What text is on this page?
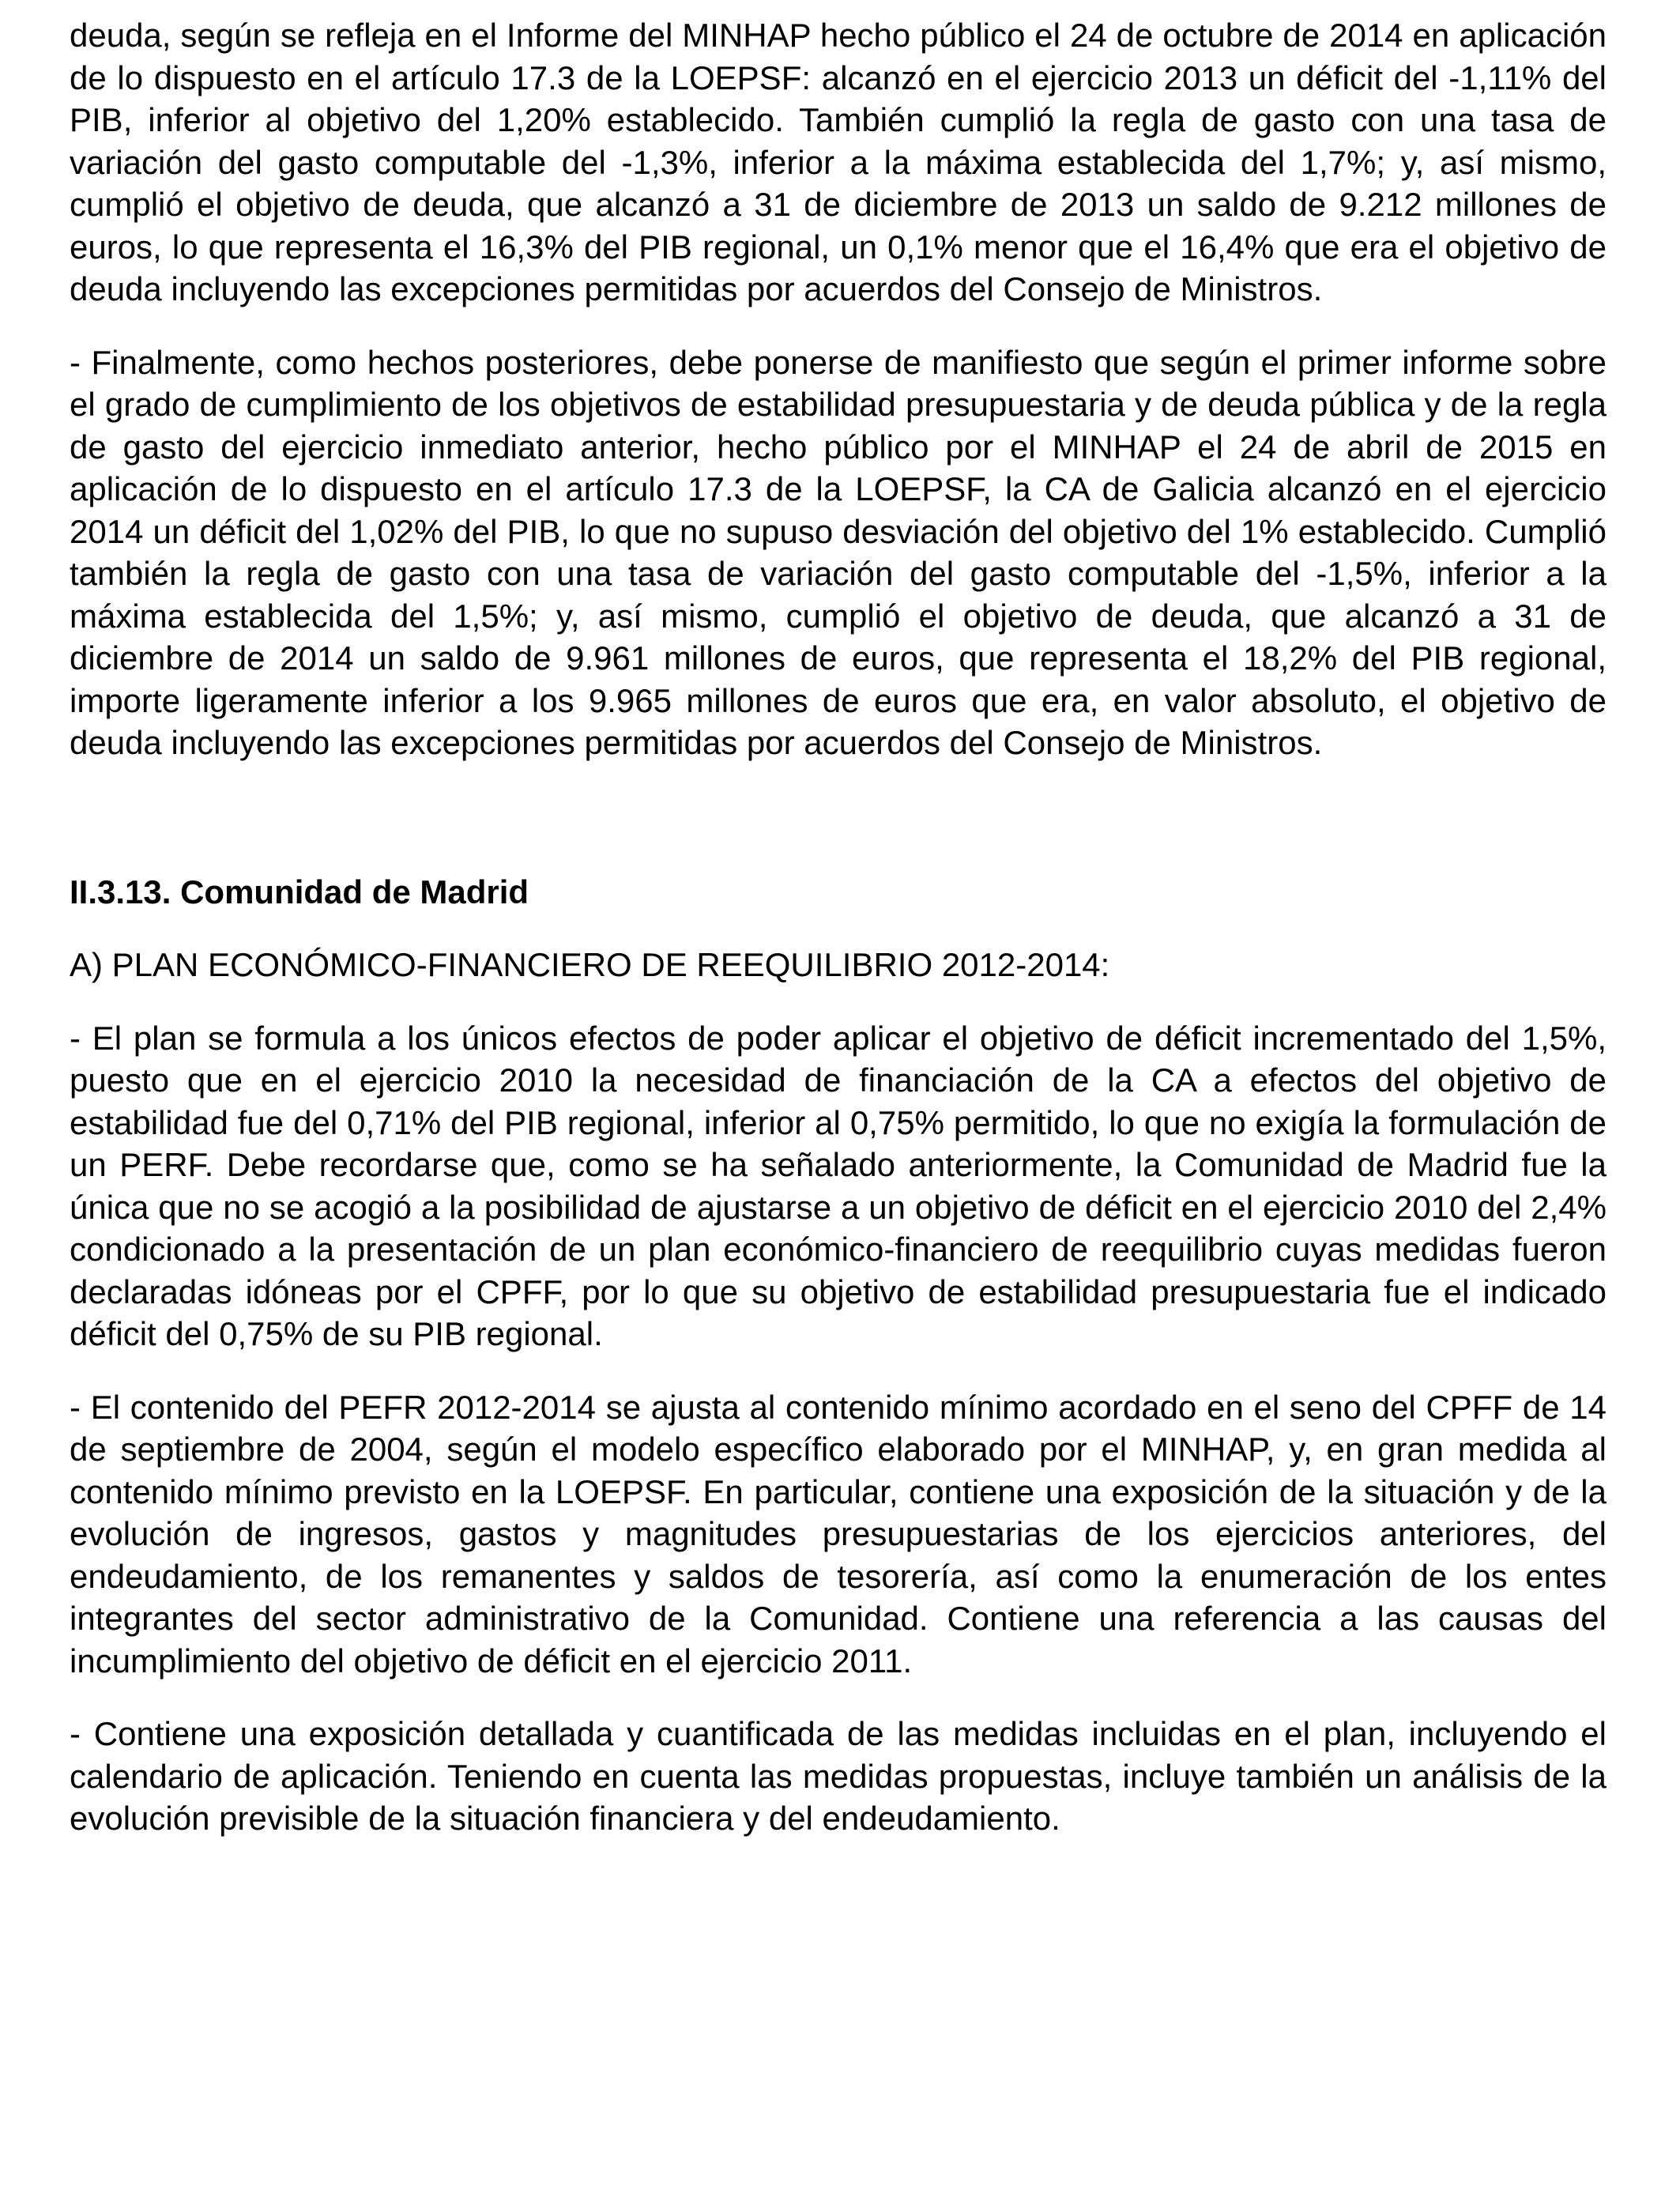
deuda, según se refleja en el Informe del MINHAP hecho público el 24 de octubre de 2014 en aplicación de lo dispuesto en el artículo 17.3 de la LOEPSF: alcanzó en el ejercicio 2013 un déficit del -1,11% del PIB, inferior al objetivo del 1,20% establecido. También cumplió la regla de gasto con una tasa de variación del gasto computable del -1,3%, inferior a la máxima establecida del 1,7%; y, así mismo, cumplió el objetivo de deuda, que alcanzó a 31 de diciembre de 2013 un saldo de 9.212 millones de euros, lo que representa el 16,3% del PIB regional, un 0,1% menor que el 16,4% que era el objetivo de deuda incluyendo las excepciones permitidas por acuerdos del Consejo de Ministros.

- Finalmente, como hechos posteriores, debe ponerse de manifiesto que según el primer informe sobre el grado de cumplimiento de los objetivos de estabilidad presupuestaria y de deuda pública y de la regla de gasto del ejercicio inmediato anterior, hecho público por el MINHAP el 24 de abril de 2015 en aplicación de lo dispuesto en el artículo 17.3 de la LOEPSF, la CA de Galicia alcanzó en el ejercicio 2014 un déficit del 1,02% del PIB, lo que no supuso desviación del objetivo del 1% establecido. Cumplió también la regla de gasto con una tasa de variación del gasto computable del -1,5%, inferior a la máxima establecida del 1,5%; y, así mismo, cumplió el objetivo de deuda, que alcanzó a 31 de diciembre de 2014 un saldo de 9.961 millones de euros, que representa el 18,2% del PIB regional, importe ligeramente inferior a los 9.965 millones de euros que era, en valor absoluto, el objetivo de deuda incluyendo las excepciones permitidas por acuerdos del Consejo de Ministros.

II.3.13. Comunidad de Madrid

A) PLAN ECONÓMICO-FINANCIERO DE REEQUILIBRIO 2012-2014:

- El plan se formula a los únicos efectos de poder aplicar el objetivo de déficit incrementado del 1,5%, puesto que en el ejercicio 2010 la necesidad de financiación de la CA a efectos del objetivo de estabilidad fue del 0,71% del PIB regional, inferior al 0,75% permitido, lo que no exigía la formulación de un PERF. Debe recordarse que, como se ha señalado anteriormente, la Comunidad de Madrid fue la única que no se acogió a la posibilidad de ajustarse a un objetivo de déficit en el ejercicio 2010 del 2,4% condicionado a la presentación de un plan económico-financiero de reequilibrio cuyas medidas fueron declaradas idóneas por el CPFF, por lo que su objetivo de estabilidad presupuestaria fue el indicado déficit del 0,75% de su PIB regional.

- El contenido del PEFR 2012-2014 se ajusta al contenido mínimo acordado en el seno del CPFF de 14 de septiembre de 2004, según el modelo específico elaborado por el MINHAP, y, en gran medida al contenido mínimo previsto en la LOEPSF. En particular, contiene una exposición de la situación y de la evolución de ingresos, gastos y magnitudes presupuestarias de los ejercicios anteriores, del endeudamiento, de los remanentes y saldos de tesorería, así como la enumeración de los entes integrantes del sector administrativo de la Comunidad. Contiene una referencia a las causas del incumplimiento del objetivo de déficit en el ejercicio 2011.

- Contiene una exposición detallada y cuantificada de las medidas incluidas en el plan, incluyendo el calendario de aplicación. Teniendo en cuenta las medidas propuestas, incluye también un análisis de la evolución previsible de la situación financiera y del endeudamiento.
